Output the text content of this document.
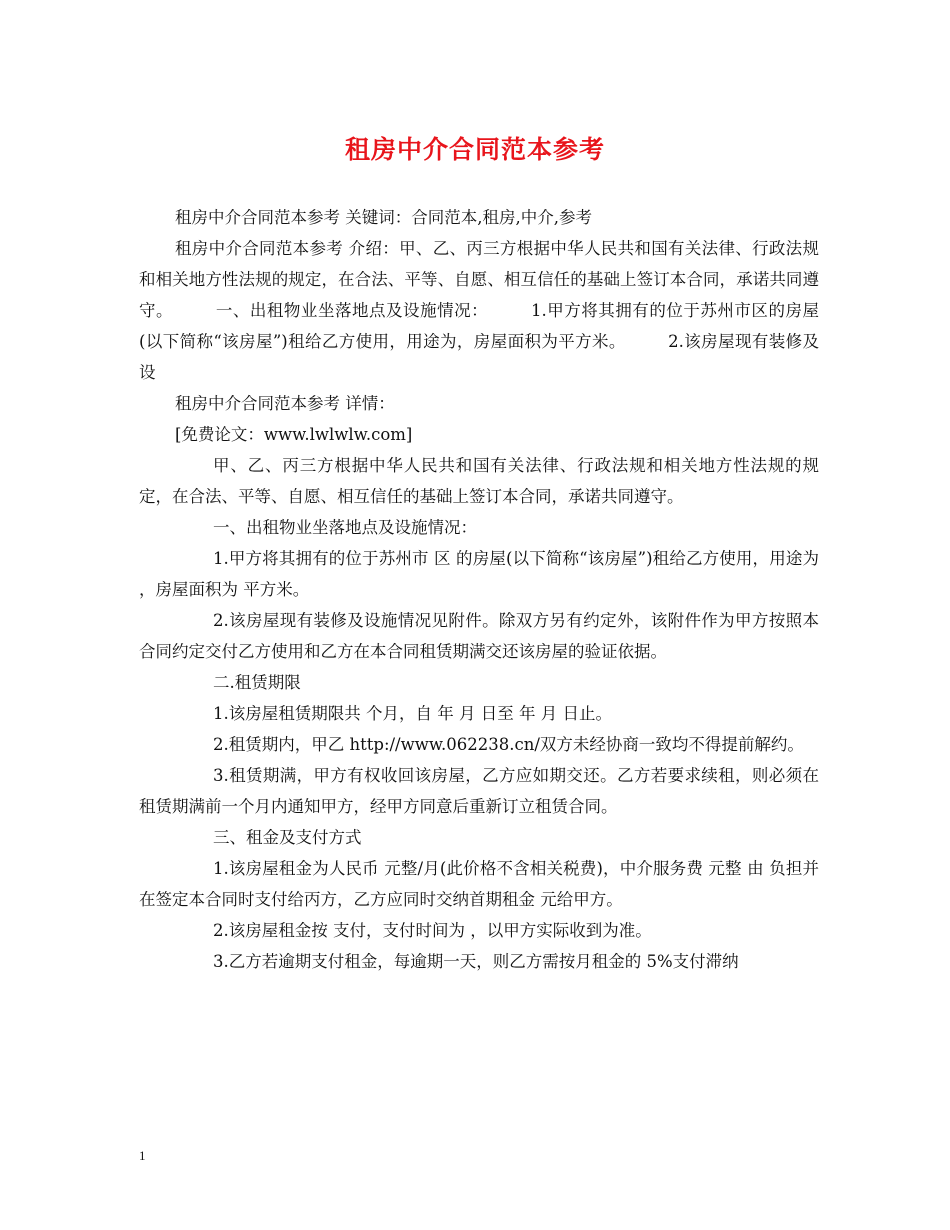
租房中介合同范本参考

租房中介合同范本参考 关键词：合同范本,租房,中介,参考

租房中介合同范本参考 介绍：甲、乙、丙三方根据中华人民共和国有关法律、行政法规和相关地方性法规的规定，在合法、平等、自愿、相互信任的基础上签订本合同，承诺共同遵守。　　　一、出租物业坐落地点及设施情况：　　　1.甲方将其拥有的位于苏州市区的房屋(以下简称“该房屋”)租给乙方使用，用途为，房屋面积为平方米。　　　2.该房屋现有装修及设

租房中介合同范本参考 详情：

[免费论文：www.lwlwlw.com]

甲、乙、丙三方根据中华人民共和国有关法律、行政法规和相关地方性法规的规定，在合法、平等、自愿、相互信任的基础上签订本合同，承诺共同遵守。

一、出租物业坐落地点及设施情况：

1.甲方将其拥有的位于苏州市 区 的房屋(以下简称“该房屋”)租给乙方使用，用途为 ，房屋面积为 平方米。

2.该房屋现有装修及设施情况见附件。除双方另有约定外，该附件作为甲方按照本合同约定交付乙方使用和乙方在本合同租赁期满交还该房屋的验证依据。

二.租赁期限

1.该房屋租赁期限共 个月，自 年 月 日至 年 月 日止。

2.租赁期内，甲乙 http://www.062238.cn/双方未经协商一致均不得提前解约。

3.租赁期满，甲方有权收回该房屋，乙方应如期交还。乙方若要求续租，则必须在租赁期满前一个月内通知甲方，经甲方同意后重新订立租赁合同。

三、租金及支付方式

1.该房屋租金为人民币 元整/月(此价格不含相关税费)，中介服务费 元整 由 负担并在签定本合同时支付给丙方，乙方应同时交纳首期租金 元给甲方。

2.该房屋租金按 支付，支付时间为 ，以甲方实际收到为准。

3.乙方若逾期支付租金，每逾期一天，则乙方需按月租金的 5%支付滞纳

1
